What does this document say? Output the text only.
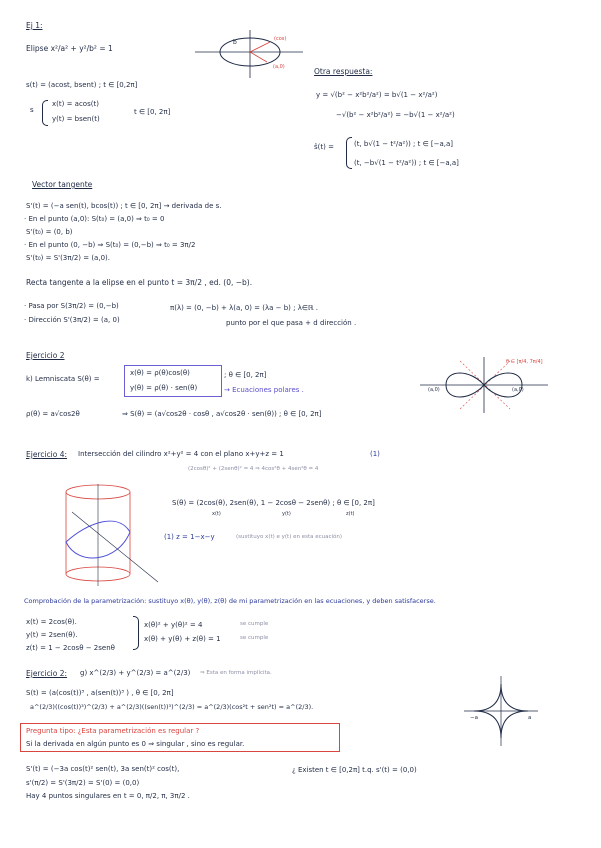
Ej 1:
Elipse x²/a² + y²/b² = 1
b	(cos)
(a,0)
s(t) = (acost, bsent) ; t ∈ [0,2π]
s
x(t) = acos(t)
y(t) = bsen(t)
t ∈ [0, 2π]
Otra respuesta:
y = √(b² − x²b²/a²) = b√(1 − x²/a²)
−√(b² − x²b²/a²) = −b√(1 − x²/a²)
ŝ(t) =	(t, b√(1 − t²/a²)) ; t ∈ [−a,a]
(t, −b√(1 − t²/a²)) ; t ∈ [−a,a]
Vector tangente
S'(t) = (−a sen(t), bcos(t)) ; t ∈ [0, 2π] → derivada de s.
· En el punto (a,0): S(t₀) = (a,0) ⇒ t₀ = 0
S'(t₀) = (0, b)
· En el punto (0, −b) ⇒ S(t₀) = (0,−b) ⇒ t₀ = 3π/2
S'(t₀) = S'(3π/2) = (a,0).
Recta tangente a la elipse en el punto t = 3π/2 , ed. (0, −b).
· Pasa por S(3π/2) = (0,−b)
· Dirección S'(3π/2) = (a, 0)
π(λ) = (0, −b) + λ(a, 0) = (λa − b) ; λ∈ℝ .
punto por el que pasa + d dirección .
Ejercicio 2
k) Lemniscata S(θ) =
x(θ) = ρ(θ)cos(θ)
y(θ) = ρ(θ) · sen(θ)
; θ ∈ [0, 2π]
→ Ecuaciones polares .
ρ(θ) = a√cos2θ	⇒ S(θ) = (a√cos2θ · cosθ , a√cos2θ · sen(θ)) ; θ ∈ [0, 2π]
(a,0)	(a,0)
θ ∈ [π/4, 7π/4]
Ejercicio 4: Intersección del cilindro x²+y² = 4 con el plano x+y+z = 1	(1)
(2cosθ)² + (2senθ)² = 4 ⇒ 4cos²θ + 4sen²θ = 4
S(θ) = (2cos(θ), 2sen(θ), 1 − 2cosθ − 2senθ) ; θ ∈ [0, 2π]
x(t)	y(t)	z(t)
(1) z = 1−x−y	(sustituyo x(t) e y(t) en esta ecuación)
Comprobación de la parametrización: sustituyo x(θ), y(θ), z(θ) de mi parametrización en las ecuaciones, y deben satisfacerse.
x(t) = 2cos(θ).
y(t) = 2sen(θ).
z(t) = 1 − 2cosθ − 2senθ
x(θ)² + y(θ)² = 4
x(θ) + y(θ) + z(θ) = 1
se cumple
se cumple
Ejercicio 2: g) x^(2/3) + y^(2/3) = a^(2/3) ⇒ Esta en forma implícita.
S(t) = (a(cos(t))³ , a(sen(t))³ ) , θ ∈ [0, 2π]
a^(2/3)((cos(t))³)^(2/3) + a^(2/3)((sen(t))³)^(2/3) = a^(2/3)(cos²t + sen²t) = a^(2/3).
a
−a
Pregunta tipo: ¿Esta parametrización es regular ?
Si la derivada en algún punto es 0 ⇒ singular , sino es regular.
S'(t) = (−3a cos(t)² sen(t), 3a sen(t)² cos(t),	¿ Existen t ∈ [0,2π] t.q. s'(t) = (0,0)
s'(π/2) = S'(3π/2) = S'(0) = (0,0)
Hay 4 puntos singulares en t = 0, π/2, π, 3π/2 .
